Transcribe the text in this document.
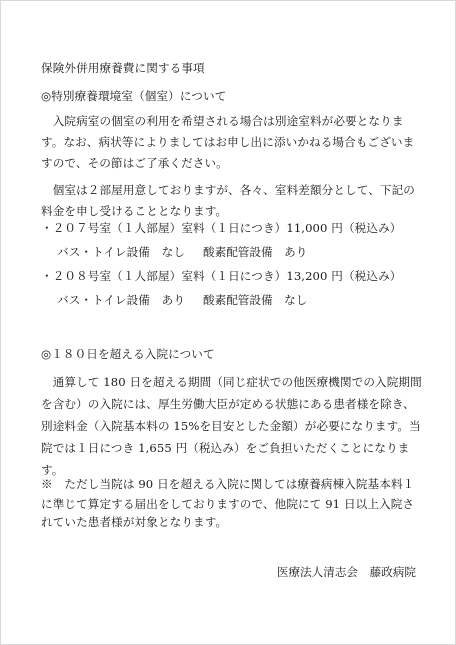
保険外併用療養費に関する事項
◎特別療養環境室（個室）について
　入院病室の個室の利用を希望される場合は別途室料が必要となりま
す。なお、病状等によりましてはお申し出に添いかねる場合もございま
すので、その節はご了承ください。
　個室は２部屋用意しておりますが、各々、室料差額分として、下記の
料金を申し受けることとなります。
・２０７号室（１人部屋）室料（１日につき）11,000 円（税込み）
バス・トイレ設備　なし 酸素配管設備　あり
・２０８号室（１人部屋）室料（１日につき）13,200 円（税込み）
バス・トイレ設備　あり 酸素配管設備　なし
◎１８０日を超える入院について
　通算して 180 日を超える期間（同じ症状での他医療機関での入院期間
を含む）の入院には、厚生労働大臣が定める状態にある患者様を除き、
別途料金（入院基本料の 15%を目安とした金額）が必要になります。当
院では１日につき 1,655 円（税込み）をご負担いただくことになりま
す。
※　ただし当院は 90 日を超える入院に関しては療養病棟入院基本料１
に準じて算定する届出をしておりますので、他院にて 91 日以上入院さ
れていた患者様が対象となります。
医療法人清志会　藤政病院
